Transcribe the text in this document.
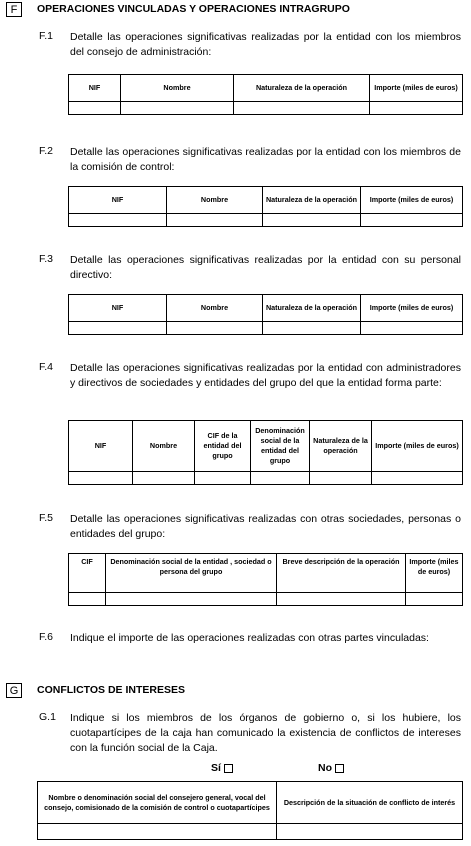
F	OPERACIONES VINCULADAS Y OPERACIONES INTRAGRUPO
F.1 Detalle las operaciones significativas realizadas por la entidad con los miembros del consejo de administración:
NIF	Nombre	Naturaleza de la operación	Importe (miles de euros)

F.2 Detalle las operaciones significativas realizadas por la entidad con los miembros de la comisión de control:
NIF	Nombre	Naturaleza de la operación	Importe (miles de euros)

F.3 Detalle las operaciones significativas realizadas por la entidad con su personal directivo:
NIF	Nombre	Naturaleza de la operación	Importe (miles de euros)

F.4 Detalle las operaciones significativas realizadas por la entidad con administradores y directivos de sociedades y entidades del grupo del que la entidad forma parte:
NIF	Nombre	CIF de la entidad del grupo	Denominación social de la entidad del grupo	Naturaleza de la operación	Importe (miles de euros)

F.5 Detalle las operaciones significativas realizadas con otras sociedades, personas o entidades del grupo:
CIF	Denominación social de la entidad , sociedad o persona del grupo	Breve descripción de la operación	Importe (miles de euros)

F.6 Indique el importe de las operaciones realizadas con otras partes vinculadas:
G	CONFLICTOS DE INTERESES
G.1 Indique si los miembros de los órganos de gobierno o, si los hubiere, los cuotapartícipes de la caja han comunicado la existencia de conflictos de intereses con la función social de la Caja.
Sí	No
Nombre o denominación social del consejero general, vocal del consejo, comisionado de la comisión de control o cuotapartícipes	Descripción de la situación de conflicto de interés
